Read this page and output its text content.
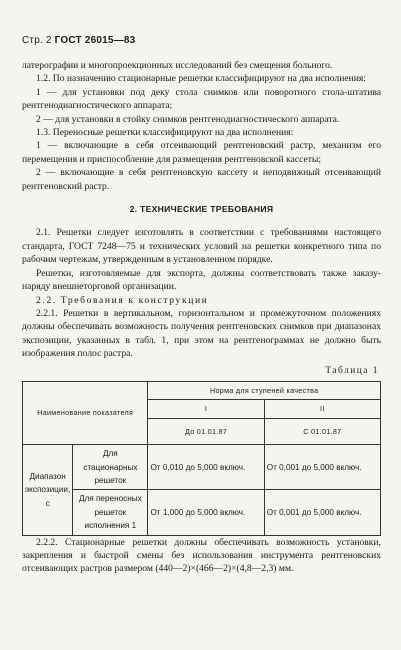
Стр. 2 ГОСТ 26015—83

латерографии и многопроекционных исследований без смещения больного.

1.2. По назначению стационарные решетки классифицируют на два исполнения:

1 — для установки под деку стола снимков или поворотного стола-штатива рентгенодиагностического аппарата;

2 — для установки в стойку снимков рентгенодиагностического аппарата.

1.3. Переносные решетки классифицируют на два исполнения:

1 — включающие в себя отсеивающий рентгеновский растр, механизм его перемещения и приспособление для размещения рентгеновской кассеты;

2 — включающие в себя рентгеновскую кассету и неподвижный отсеивающий рентгеновский растр.

2. ТЕХНИЧЕСКИЕ ТРЕБОВАНИЯ

2.1. Решетки следует изготовлять в соответствии с требованиями настоящего стандарта, ГОСТ 7248—75 и технических условий на решетки конкретного типа по рабочим чертежам, утвержденным в установленном порядке.

Решетки, изготовляемые для экспорта, должны соответствовать также заказу-наряду внешнеторговой организации.

2.2. Требования к конструкции

2.2.1. Решетки в вертикальном, горизонтальном и промежуточном положениях должны обеспечивать возможность получения рентгеновских снимков при диапазонах экспозиции, указанных в табл. 1, при этом на рентгенограммах не должно быть изображения полос растра.

Таблица 1
Наименование показателя		Норма для ступеней качества	
		I	II
		До 01.01.87	С 01.01.87
Диапазон экспозиции, с	Для стационарных решеток	От 0,010 до 5,000 включ.	От 0,001 до 5,000 включ.
	Для переносных решеток исполнения 1	От 1,000 до 5,000 включ.	От 0,001 до 5,000 включ.

2.2.2. Стационарные решетки должны обеспечивать возможность установки, закрепления и быстрой смены без использования инструмента рентгеновских отсеивающих растров размером (440—2)×(466—2)×(4,8—2,3) мм.
